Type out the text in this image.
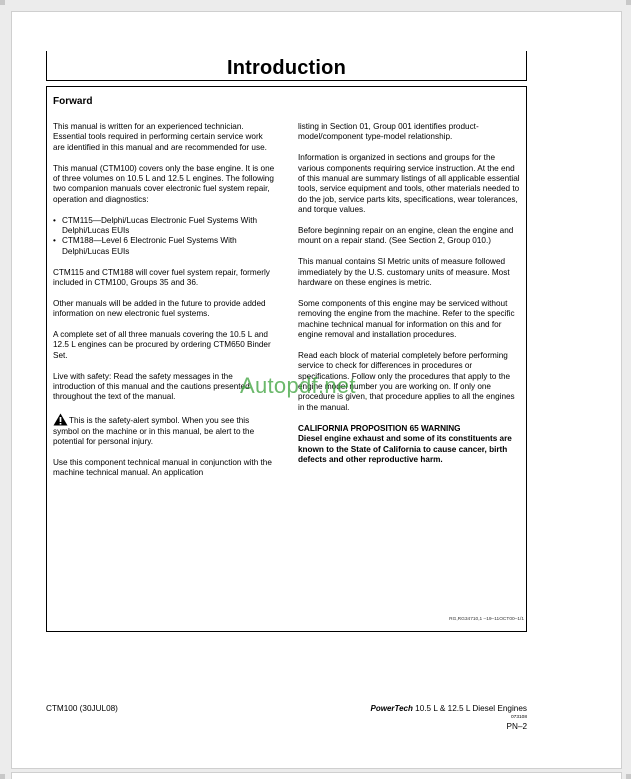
Introduction
Forward

This manual is written for an experienced technician. Essential tools required in performing certain service work are identified in this manual and are recommended for use.

This manual (CTM100) covers only the base engine. It is one of three volumes on 10.5 L and 12.5 L engines. The following two companion manuals cover electronic fuel system repair, operation and diagnostics:

• CTM115—Delphi/Lucas Electronic Fuel Systems With Delphi/Lucas EUIs
• CTM188—Level 6 Electronic Fuel Systems With Delphi/Lucas EUIs

CTM115 and CTM188 will cover fuel system repair, formerly included in CTM100, Groups 35 and 36.

Other manuals will be added in the future to provide added information on new electronic fuel systems.

A complete set of all three manuals covering the 10.5 L and 12.5 L engines can be procured by ordering CTM650 Binder Set.

Live with safety: Read the safety messages in the introduction of this manual and the cautions presented throughout the text of the manual.

This is the safety-alert symbol. When you see this symbol on the machine or in this manual, be alert to the potential for personal injury.

Use this component technical manual in conjunction with the machine technical manual. An application

listing in Section 01, Group 001 identifies product-model/component type-model relationship.

Information is organized in sections and groups for the various components requiring service instruction. At the end of this manual are summary listings of all applicable essential tools, service equipment and tools, other materials needed to do the job, service parts kits, specifications, wear tolerances, and torque values.

Before beginning repair on an engine, clean the engine and mount on a repair stand. (See Section 2, Group 010.)

This manual contains SI Metric units of measure followed immediately by the U.S. customary units of measure. Most hardware on these engines is metric.

Some components of this engine may be serviced without removing the engine from the machine. Refer to the specific machine technical manual for information on this and for engine removal and installation procedures.

Read each block of material completely before performing service to check for differences in procedures or specifications. Follow only the procedures that apply to the engine model number you are working on. If only one procedure is given, that procedure applies to all the engines in the manual.

CALIFORNIA PROPOSITION 65 WARNING

Diesel engine exhaust and some of its constituents are known to the State of California to cause cancer, birth defects and other reproductive harm.

RG,RG34710,1 –19–11OCT00–1/1
Autopdf.net
CTM100 (30JUL08)	PowerTech 10.5 L & 12.5 L Diesel Engines
073108
PN–2
